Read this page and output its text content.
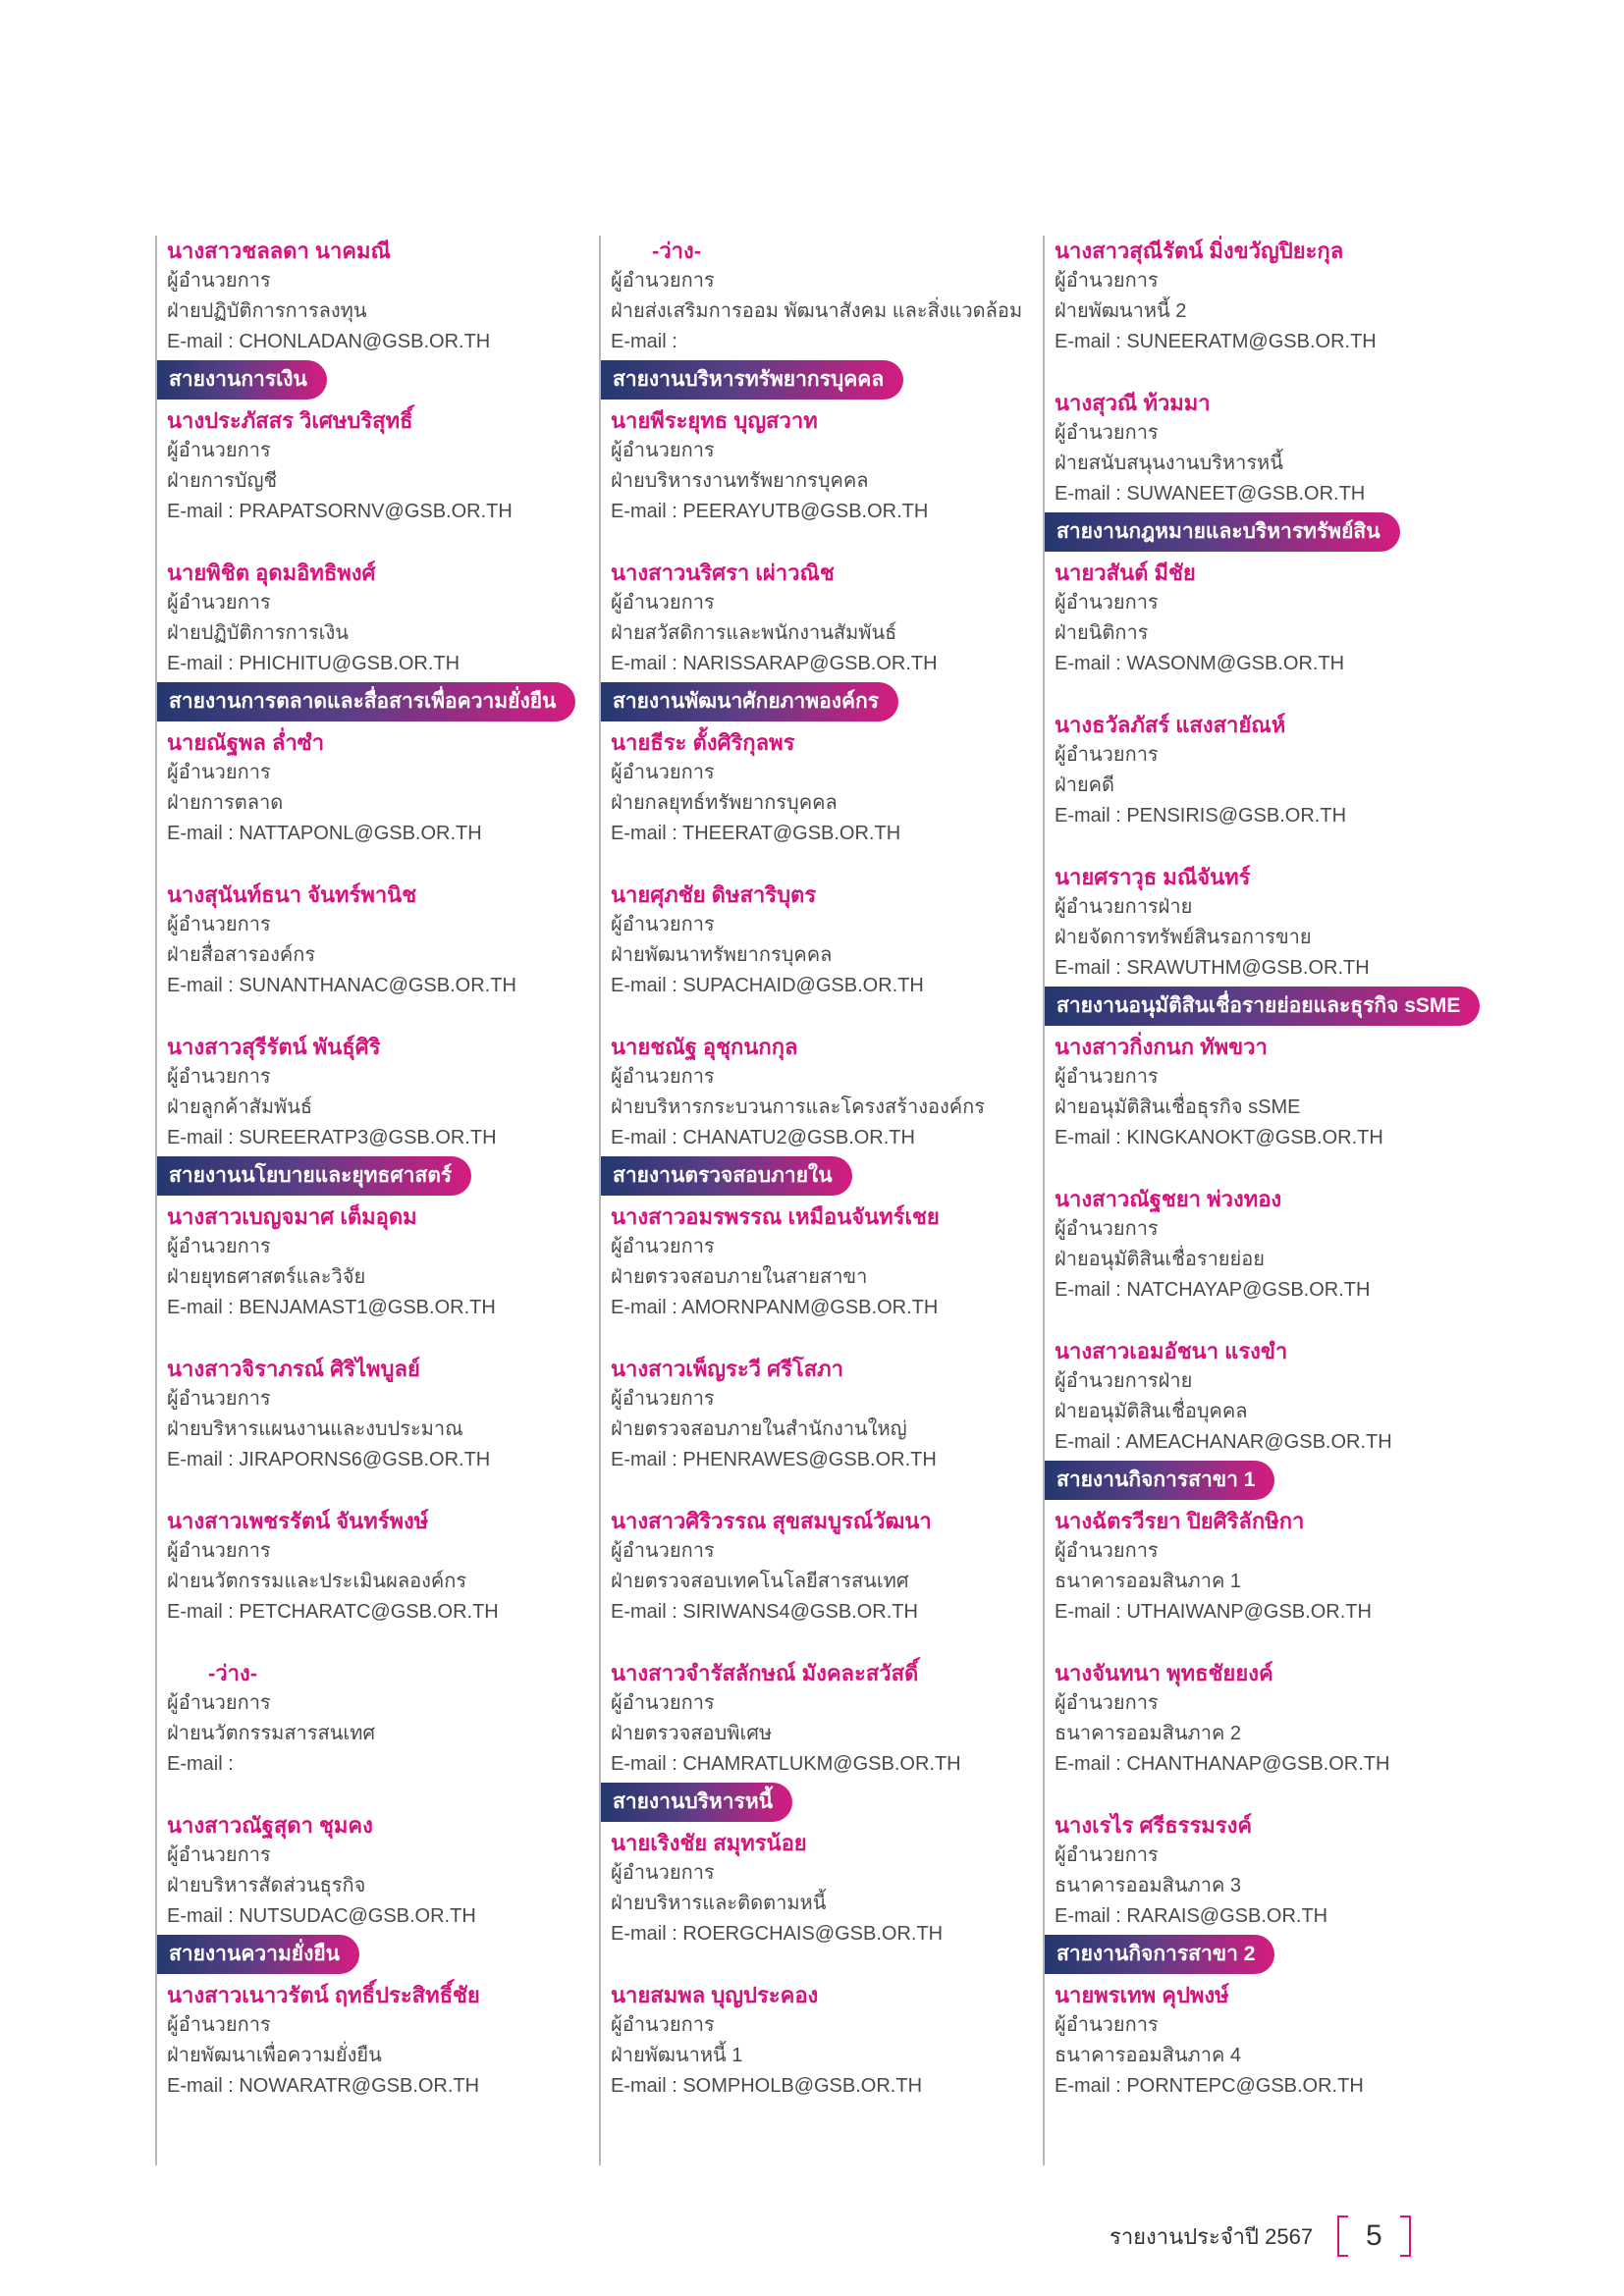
นางสาวชลลดา นาคมณี
ผู้อำนวยการ
ฝ่ายปฏิบัติการการลงทุน
E-mail : CHONLADAN@GSB.OR.TH
สายงานการเงิน
นางประภัสสร วิเศษบริสุทธิ์
ผู้อำนวยการ
ฝ่ายการบัญชี
E-mail : PRAPATSORNV@GSB.OR.TH
นายพิชิต อุดมอิทธิพงศ์
ผู้อำนวยการ
ฝ่ายปฏิบัติการการเงิน
E-mail : PHICHITU@GSB.OR.TH
สายงานการตลาดและสื่อสารเพื่อความยั่งยืน
นายณัฐพล ล่ำซำ
ผู้อำนวยการ
ฝ่ายการตลาด
E-mail : NATTAPONL@GSB.OR.TH
นางสุนันท์ธนา จันทร์พานิช
ผู้อำนวยการ
ฝ่ายสื่อสารองค์กร
E-mail : SUNANTHANAC@GSB.OR.TH
นางสาวสุรีรัตน์ พันธุ์ศิริ
ผู้อำนวยการ
ฝ่ายลูกค้าสัมพันธ์
E-mail : SUREERATP3@GSB.OR.TH
สายงานนโยบายและยุทธศาสตร์
นางสาวเบญจมาศ เต็มอุดม
ผู้อำนวยการ
ฝ่ายยุทธศาสตร์และวิจัย
E-mail : BENJAMAST1@GSB.OR.TH
นางสาวจิราภรณ์ ศิริไพบูลย์
ผู้อำนวยการ
ฝ่ายบริหารแผนงานและงบประมาณ
E-mail : JIRAPORNS6@GSB.OR.TH
นางสาวเพชรรัตน์ จันทร์พงษ์
ผู้อำนวยการ
ฝ่ายนวัตกรรมและประเมินผลองค์กร
E-mail : PETCHARATC@GSB.OR.TH
-ว่าง-
ผู้อำนวยการ
ฝ่ายนวัตกรรมสารสนเทศ
E-mail :
นางสาวณัฐสุดา ชุมคง
ผู้อำนวยการ
ฝ่ายบริหารสัดส่วนธุรกิจ
E-mail : NUTSUDAC@GSB.OR.TH
สายงานความยั่งยืน
นางสาวเนาวรัตน์ ฤทธิ์ประสิทธิ์ชัย
ผู้อำนวยการ
ฝ่ายพัฒนาเพื่อความยั่งยืน
E-mail : NOWARATR@GSB.OR.TH
-ว่าง-
ผู้อำนวยการ
ฝ่ายส่งเสริมการออม พัฒนาสังคม และสิ่งแวดล้อม
E-mail :
สายงานบริหารทรัพยากรบุคคล
นายพีระยุทธ บุญสวาท
ผู้อำนวยการ
ฝ่ายบริหารงานทรัพยากรบุคคล
E-mail : PEERAYUTB@GSB.OR.TH
นางสาวนริศรา เผ่าวณิช
ผู้อำนวยการ
ฝ่ายสวัสดิการและพนักงานสัมพันธ์
E-mail : NARISSARAP@GSB.OR.TH
สายงานพัฒนาศักยภาพองค์กร
นายธีระ ตั้งศิริกุลพร
ผู้อำนวยการ
ฝ่ายกลยุทธ์ทรัพยากรบุคคล
E-mail : THEERAT@GSB.OR.TH
นายศุภชัย ดิษสาริบุตร
ผู้อำนวยการ
ฝ่ายพัฒนาทรัพยากรบุคคล
E-mail : SUPACHAID@GSB.OR.TH
นายชณัฐ อุชุกนกกุล
ผู้อำนวยการ
ฝ่ายบริหารกระบวนการและโครงสร้างองค์กร
E-mail : CHANATU2@GSB.OR.TH
สายงานตรวจสอบภายใน
นางสาวอมรพรรณ เหมือนจันทร์เชย
ผู้อำนวยการ
ฝ่ายตรวจสอบภายในสายสาขา
E-mail : AMORNPANM@GSB.OR.TH
นางสาวเพ็ญระวี ศรีโสภา
ผู้อำนวยการ
ฝ่ายตรวจสอบภายในสำนักงานใหญ่
E-mail : PHENRAWES@GSB.OR.TH
นางสาวศิริวรรณ สุขสมบูรณ์วัฒนา
ผู้อำนวยการ
ฝ่ายตรวจสอบเทคโนโลยีสารสนเทศ
E-mail : SIRIWANS4@GSB.OR.TH
นางสาวจำรัสลักษณ์ มังคละสวัสดิ์
ผู้อำนวยการ
ฝ่ายตรวจสอบพิเศษ
E-mail : CHAMRATLUKM@GSB.OR.TH
สายงานบริหารหนี้
นายเริงชัย สมุทรน้อย
ผู้อำนวยการ
ฝ่ายบริหารและติดตามหนี้
E-mail : ROERGCHAIS@GSB.OR.TH
นายสมพล บุญประคอง
ผู้อำนวยการ
ฝ่ายพัฒนาหนี้ 1
E-mail : SOMPHOLB@GSB.OR.TH
นางสาวสุณีรัตน์ มิ่งขวัญปิยะกุล
ผู้อำนวยการ
ฝ่ายพัฒนาหนี้ 2
E-mail : SUNEERATM@GSB.OR.TH
นางสุวณี ท้วมมา
ผู้อำนวยการ
ฝ่ายสนับสนุนงานบริหารหนี้
E-mail : SUWANEET@GSB.OR.TH
สายงานกฎหมายและบริหารทรัพย์สิน
นายวสันต์ มีชัย
ผู้อำนวยการ
ฝ่ายนิติการ
E-mail : WASONM@GSB.OR.TH
นางธวัลภัสร์ แสงสายัณห์
ผู้อำนวยการ
ฝ่ายคดี
E-mail : PENSIRIS@GSB.OR.TH
นายศราวุธ มณีจันทร์
ผู้อำนวยการฝ่าย
ฝ่ายจัดการทรัพย์สินรอการขาย
E-mail : SRAWUTHM@GSB.OR.TH
สายงานอนุมัติสินเชื่อรายย่อยและธุรกิจ sSME
นางสาวกิ่งกนก ทัพขวา
ผู้อำนวยการ
ฝ่ายอนุมัติสินเชื่อธุรกิจ sSME
E-mail : KINGKANOKT@GSB.OR.TH
นางสาวณัฐชยา พ่วงทอง
ผู้อำนวยการ
ฝ่ายอนุมัติสินเชื่อรายย่อย
E-mail : NATCHAYAP@GSB.OR.TH
นางสาวเอมอัชนา แรงขำ
ผู้อำนวยการฝ่าย
ฝ่ายอนุมัติสินเชื่อบุคคล
E-mail : AMEACHANAR@GSB.OR.TH
สายงานกิจการสาขา 1
นางฉัตรวีรยา ปิยศิริลักษิกา
ผู้อำนวยการ
ธนาคารออมสินภาค 1
E-mail : UTHAIWANP@GSB.OR.TH
นางจันทนา พุทธชัยยงค์
ผู้อำนวยการ
ธนาคารออมสินภาค 2
E-mail : CHANTHANAP@GSB.OR.TH
นางเรไร ศรีธรรมรงค์
ผู้อำนวยการ
ธนาคารออมสินภาค 3
E-mail : RARAIS@GSB.OR.TH
สายงานกิจการสาขา 2
นายพรเทพ คุปพงษ์
ผู้อำนวยการ
ธนาคารออมสินภาค 4
E-mail : PORNTEPC@GSB.OR.TH
รายงานประจำปี 2567 5
